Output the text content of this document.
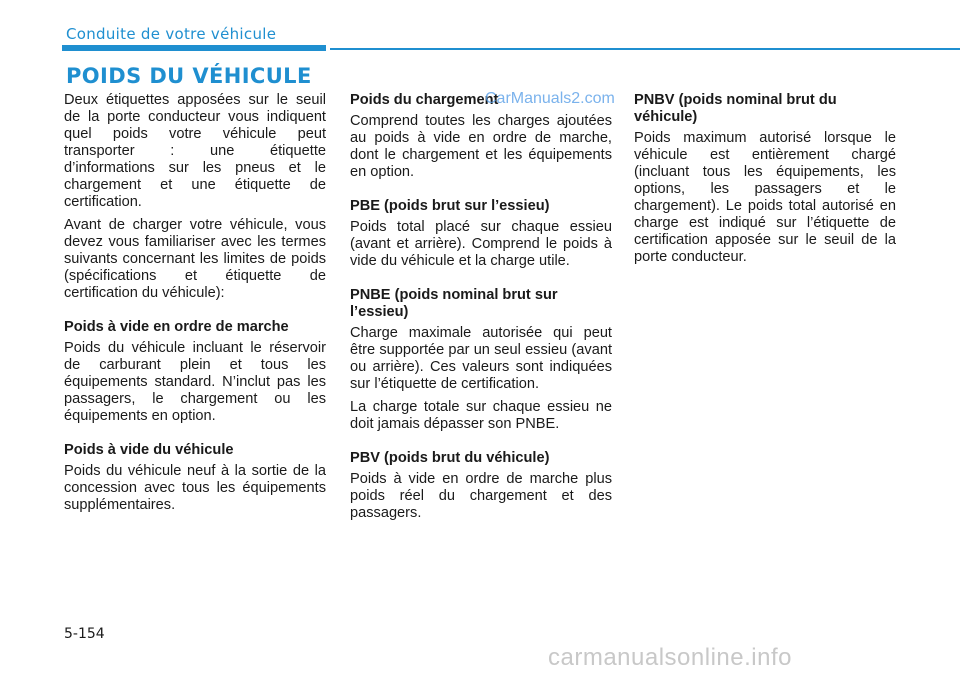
Conduite de votre véhicule
POIDS DU VÉHICULE

Deux étiquettes apposées sur le seuil de la porte conducteur vous indiquent quel poids votre véhicule peut transporter : une étiquette d’informations sur les pneus et le chargement et une étiquette de certification.

Avant de charger votre véhicule, vous devez vous familiariser avec les termes suivants concernant les limites de poids (spécifications et étiquette de certification du véhicule):

Poids à vide en ordre de marche

Poids du véhicule incluant le réservoir de carburant plein et tous les équipements standard. N’inclut pas les passagers, le chargement ou les équipements en option.

Poids à vide du véhicule

Poids du véhicule neuf à la sortie de la concession avec tous les équipements supplémentaires.

Poids du chargement

Comprend toutes les charges ajoutées au poids à vide en ordre de marche, dont le chargement et les équipements en option.

PBE (poids brut sur l’essieu)

Poids total placé sur chaque essieu (avant et arrière). Comprend le poids à vide du véhicule et la charge utile.

PNBE (poids nominal brut sur l’essieu)

Charge maximale autorisée qui peut être supportée par un seul essieu (avant ou arrière). Ces valeurs sont indiquées sur l’étiquette de certification.

La charge totale sur chaque essieu ne doit jamais dépasser son PNBE.

PBV (poids brut du véhicule)

Poids à vide en ordre de marche plus poids réel du chargement et des passagers.

PNBV (poids nominal brut du véhicule)

Poids maximum autorisé lorsque le véhicule est entièrement chargé (incluant tous les équipements, les options, les passagers et le chargement). Le poids total autorisé en charge est indiqué sur l’étiquette de certification apposée sur le seuil de la porte conducteur.

5-154
CarManuals2.com
carmanualsonline.info
